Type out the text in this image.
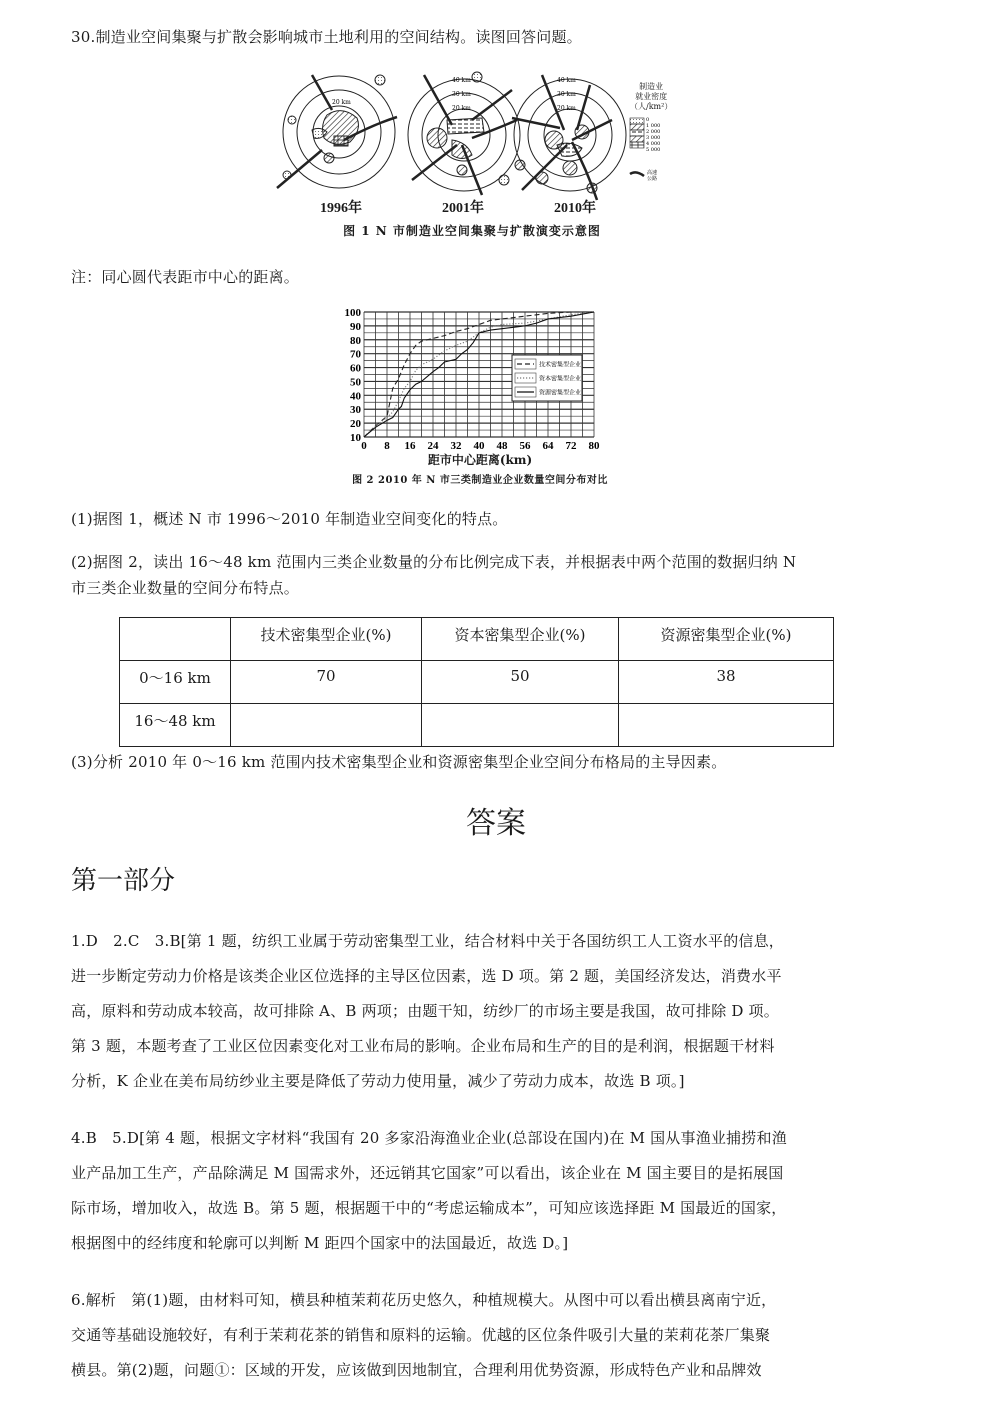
30.制造业空间集聚与扩散会影响城市土地利用的空间结构。读图回答问题。
20 km
40 km
30 km
20 km
40 km
30 km
20 km
0
1 000
2 000
3 000
4 000
5 000
高速
公路
制造业
就业密度
（人/km²）
1996年	2001年	2010年
图 1 N 市制造业空间集聚与扩散演变示意图
注：同心圆代表距市中心的距离。
0 8 16 24 32 40 48 56 64 72 80
10
20
30
40
50
60
70
80
90
100
技术密集型企业
资本密集型企业
资源密集型企业
距市中心距离(km)
图 2 2010 年 N 市三类制造业企业数量空间分布对比
(1)据图 1，概述 N 市 1996～2010 年制造业空间变化的特点。
(2)据图 2，读出 16～48 km 范围内三类企业数量的分布比例完成下表，并根据表中两个范围的数据归纳 N
市三类企业数量的空间分布特点。
	技术密集型企业(%)	资本密集型企业(%)	资源密集型企业(%)
0～16 km	70	50	38
16～48 km			
(3)分析 2010 年 0～16 km 范围内技术密集型企业和资源密集型企业空间分布格局的主导因素。
答案
第一部分
1.D　2.C　3.B[第 1 题，纺织工业属于劳动密集型工业，结合材料中关于各国纺织工人工资水平的信息，
进一步断定劳动力价格是该类企业区位选择的主导区位因素，选 D 项。第 2 题，美国经济发达，消费水平
高，原料和劳动成本较高，故可排除 A、B 两项；由题干知，纺纱厂的市场主要是我国，故可排除 D 项。
第 3 题，本题考查了工业区位因素变化对工业布局的影响。企业布局和生产的目的是利润，根据题干材料
分析，K 企业在美布局纺纱业主要是降低了劳动力使用量，减少了劳动力成本，故选 B 项。]
4.B　5.D[第 4 题，根据文字材料“我国有 20 多家沿海渔业企业(总部设在国内)在 M 国从事渔业捕捞和渔
业产品加工生产，产品除满足 M 国需求外，还远销其它国家”可以看出，该企业在 M 国主要目的是拓展国
际市场，增加收入，故选 B。第 5 题，根据题干中的“考虑运输成本”，可知应该选择距 M 国最近的国家，
根据图中的经纬度和轮廓可以判断 M 距四个国家中的法国最近，故选 D。]
6.解析　第(1)题，由材料可知，横县种植茉莉花历史悠久，种植规模大。从图中可以看出横县离南宁近，
交通等基础设施较好，有利于茉莉花茶的销售和原料的运输。优越的区位条件吸引大量的茉莉花茶厂集聚
横县。第(2)题，问题①：区域的开发，应该做到因地制宜，合理利用优势资源，形成特色产业和品牌效
